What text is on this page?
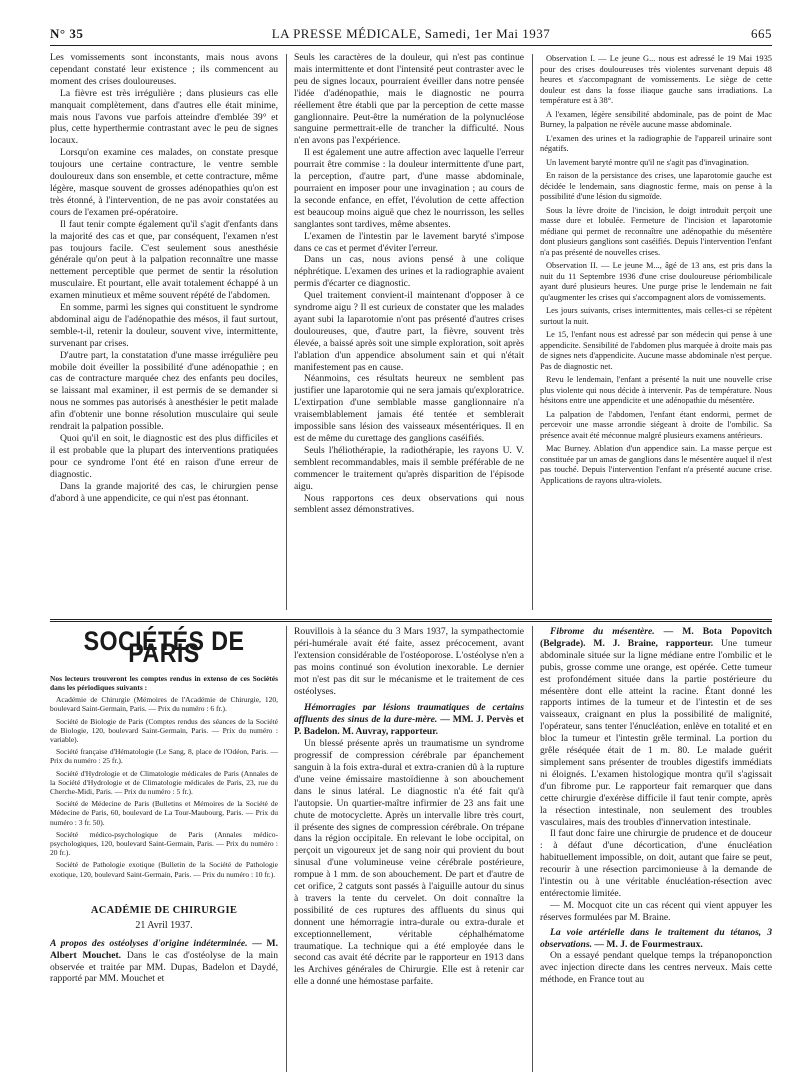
N° 35	LA PRESSE MÉDICALE, Samedi, 1er Mai 1937	665

Les vomissements sont inconstants, mais nous avons cependant constaté leur existence ; ils commencent au moment des crises douloureuses.

La fièvre est très irrégulière ; dans plusieurs cas elle manquait complètement, dans d'autres elle était minime, mais nous l'avons vue parfois atteindre d'emblée 39° et plus, cette hyperthermie contrastant avec le peu de signes locaux.

Lorsqu'on examine ces malades, on constate presque toujours une certaine contracture, le ventre semble douloureux dans son ensemble, et cette contracture, même légère, masque souvent de grosses adénopathies qu'on est très étonné, à l'intervention, de ne pas avoir constatées au cours de l'examen pré-opératoire.

Il faut tenir compte également qu'il s'agit d'enfants dans la majorité des cas et que, par conséquent, l'examen n'est pas toujours facile. C'est seulement sous anesthésie générale qu'on peut à la palpation reconnaître une masse nettement perceptible que permet de sentir la résolution musculaire. Et pourtant, elle avait totalement échappé à un examen minutieux et même souvent répété de l'abdomen.

En somme, parmi les signes qui constituent le syndrome abdominal aigu de l'adénopathie des mésos, il faut surtout, semble-t-il, retenir la douleur, souvent vive, intermittente, survenant par crises.

D'autre part, la constatation d'une masse irrégulière peu mobile doit éveiller la possibilité d'une adénopathie ; en cas de contracture marquée chez des enfants peu dociles, se laissant mal examiner, il est permis de se demander si nous ne sommes pas autorisés à anesthésier le petit malade afin d'obtenir une bonne résolution musculaire qui seule rendrait la palpation possible.

Quoi qu'il en soit, le diagnostic est des plus difficiles et il est probable que la plupart des interventions pratiquées pour ce syndrome l'ont été en raison d'une erreur de diagnostic.

Dans la grande majorité des cas, le chirurgien pense d'abord à une appendicite, ce qui n'est pas étonnant.

Seuls les caractères de la douleur, qui n'est pas continue mais intermittente et dont l'intensité peut contraster avec le peu de signes locaux, pourraient éveiller dans notre pensée l'idée d'adénopathie, mais le diagnostic ne pourra réellement être établi que par la perception de cette masse ganglionnaire. Peut-être la numération de la polynucléose sanguine permettrait-elle de trancher la difficulté. Nous n'en avons pas l'expérience.

Il est également une autre affection avec laquelle l'erreur pourrait être commise : la douleur intermittente d'une part, la perception, d'autre part, d'une masse abdominale, pourraient en imposer pour une invagination ; au cours de la seconde enfance, en effet, l'évolution de cette affection est beaucoup moins aiguë que chez le nourrisson, les selles sanglantes sont tardives, même absentes.

L'examen de l'intestin par le lavement baryté s'impose dans ce cas et permet d'éviter l'erreur.

Dans un cas, nous avions pensé à une colique néphrétique. L'examen des urines et la radiographie avaient permis d'écarter ce diagnostic.

Quel traitement convient-il maintenant d'opposer à ce syndrome aigu ? Il est curieux de constater que les malades ayant subi la laparotomie n'ont pas présenté d'autres crises douloureuses, que, d'autre part, la fièvre, souvent très élevée, a baissé après soit une simple exploration, soit après l'ablation d'un appendice absolument sain et qui n'était manifestement pas en cause.

Néanmoins, ces résultats heureux ne semblent pas justifier une laparotomie qui ne sera jamais qu'exploratrice. L'extirpation d'une semblable masse ganglionnaire n'a vraisemblablement jamais été tentée et semblerait impossible sans lésion des vaisseaux mésentériques. Il en est de même du curettage des ganglions caséifiés.

Seuls l'héliothérapie, la radiothérapie, les rayons U. V. semblent recommandables, mais il semble préférable de ne commencer le traitement qu'après disparition de l'épisode aigu.

Nous rapportons ces deux observations qui nous semblent assez démonstratives.

Observation I. — Le jeune G... nous est adressé le 19 Mai 1935 pour des crises douloureuses très violentes survenant depuis 48 heures et s'accompagnant de vomissements. Le siège de cette douleur est dans la fosse iliaque gauche sans irradiations. La température est à 38°.

A l'examen, légère sensibilité abdominale, pas de point de Mac Burney, la palpation ne révèle aucune masse abdominale.

L'examen des urines et la radiographie de l'appareil urinaire sont négatifs.

Un lavement baryté montre qu'il ne s'agit pas d'invagination.

En raison de la persistance des crises, une laparotomie gauche est décidée le lendemain, sans diagnostic ferme, mais on pense à la possibilité d'une lésion du sigmoïde.

Sous la lèvre droite de l'incision, le doigt introduit perçoit une masse dure et lobulée. Fermeture de l'incision et laparotomie médiane qui permet de reconnaître une adénopathie du mésentère dont plusieurs ganglions sont caséifiés. Depuis l'intervention l'enfant n'a pas présenté de nouvelles crises.

Observation II. — Le jeune M..., âgé de 13 ans, est pris dans la nuit du 11 Septembre 1936 d'une crise douloureuse périombilicale ayant duré plusieurs heures. Une purge prise le lendemain ne fait qu'augmenter les crises qui s'accompagnent alors de vomissements.

Les jours suivants, crises intermittentes, mais celles-ci se répètent surtout la nuit.

Le 15, l'enfant nous est adressé par son médecin qui pense à une appendicite. Sensibilité de l'abdomen plus marquée à droite mais pas de signes nets d'appendicite. Aucune masse abdominale n'est perçue. Pas de diagnostic net.

Revu le lendemain, l'enfant a présenté la nuit une nouvelle crise plus violente qui nous décide à intervenir. Pas de température. Nous hésitons entre une appendicite et une adénopathie du mésentère.

La palpation de l'abdomen, l'enfant étant endormi, permet de percevoir une masse arrondie siégeant à droite de l'ombilic. Sa présence avait été méconnue malgré plusieurs examens antérieurs.

Mac Burney. Ablation d'un appendice sain. La masse perçue est constituée par un amas de ganglions dans le mésentère auquel il n'est pas touché. Depuis l'intervention l'enfant n'a présenté aucune crise. Applications de rayons ultra-violets.

SOCIÉTÉS DE PARIS

Nos lecteurs trouveront les comptes rendus in extenso de ces Sociétés dans les périodiques suivants :

Académie de Chirurgie (Mémoires de l'Académie de Chirurgie, 120, boulevard Saint-Germain, Paris. — Prix du numéro : 6 fr.).

Société de Biologie de Paris (Comptes rendus des séances de la Société de Biologie, 120, boulevard Saint-Germain, Paris. — Prix du numéro : variable).

Société française d'Hématologie (Le Sang, 8, place de l'Odéon, Paris. — Prix du numéro : 25 fr.).

Société d'Hydrologie et de Climatologie médicales de Paris (Annales de la Société d'Hydrologie et de Climatologie médicales de Paris, 23, rue du Cherche-Midi, Paris. — Prix du numéro : 5 fr.).

Société de Médecine de Paris (Bulletins et Mémoires de la Société de Médecine de Paris, 60, boulevard de La Tour-Maubourg, Paris. — Prix du numéro : 3 fr. 50).

Société médico-psychologique de Paris (Annales médico-psychologiques, 120, boulevard Saint-Germain, Paris. — Prix du numéro : 20 fr.).

Société de Pathologie exotique (Bulletin de la Société de Pathologie exotique, 120, boulevard Saint-Germain, Paris. — Prix du numéro : 10 fr.).

ACADÉMIE DE CHIRURGIE
21 Avril 1937.

A propos des ostéolyses d'origine indéterminée. — M. Albert Mouchet. Dans le cas d'ostéolyse de la main observée et traitée par MM. Dupas, Badelon et Daydé, rapporté par MM. Mouchet et

Rouvillois à la séance du 3 Mars 1937, la sympathectomie péri-humérale avait été faite, assez précocement, avant l'extension considérable de l'ostéoporose. L'ostéolyse n'en a pas moins continué son évolution inexorable. Le dernier mot n'est pas dit sur le mécanisme et le traitement de ces ostéolyses.

Hémorragies par lésions traumatiques de certains affluents des sinus de la dure-mère. — MM. J. Pervès et P. Badelon. M. Auvray, rapporteur.

Un blessé présente après un traumatisme un syndrome progressif de compression cérébrale par épanchement sanguin à la fois extra-dural et extra-cranien dû à la rupture d'une veine émissaire mastoïdienne à son abouchement dans le sinus latéral. Le diagnostic n'a été fait qu'à l'autopsie. Un quartier-maître infirmier de 23 ans fait une chute de motocyclette. Après un intervalle libre très court, il présente des signes de compression cérébrale. On trépane dans la région occipitale. En relevant le lobe occipital, on perçoit un vigoureux jet de sang noir qui provient du bout sinusal d'une volumineuse veine cérébrale postérieure, rompue à 1 mm. de son abouchement. De part et d'autre de cet orifice, 2 catguts sont passés à l'aiguille autour du sinus à travers la tente du cervelet. On doit connaître la possibilité de ces ruptures des affluents du sinus qui donnent une hémorragie intra-durale ou extra-durale et exceptionnellement, véritable céphalhématome traumatique. La technique qui a été employée dans le second cas avait été décrite par le rapporteur en 1913 dans les Archives générales de Chirurgie. Elle est à retenir car elle a donné une hémostase parfaite.

Fibrome du mésentère. — M. Bota Popovitch (Belgrade). M. J. Braine, rapporteur. Une tumeur abdominale située sur la ligne médiane entre l'ombilic et le pubis, grosse comme une orange, est opérée. Cette tumeur est profondément située dans la partie postérieure du mésentère dont elle atteint la racine. Étant donné les rapports intimes de la tumeur et de l'intestin et de ses vaisseaux, craignant en plus la possibilité de malignité, l'opérateur, sans tenter l'énucléation, enlève en totalité et en bloc la tumeur et l'intestin grêle terminal. La portion du grêle réséquée était de 1 m. 80. Le malade guérit simplement sans présenter de troubles digestifs immédiats ni éloignés. L'examen histologique montra qu'il s'agissait d'un fibrome pur. Le rapporteur fait remarquer que dans cette chirurgie d'exérèse difficile il faut tenir compte, après la résection intestinale, non seulement des troubles vasculaires, mais des troubles d'innervation intestinale.

Il faut donc faire une chirurgie de prudence et de douceur : à défaut d'une décortication, d'une énucléation habituellement impossible, on doit, autant que faire se peut, recourir à une résection parcimonieuse à la demande de l'intestin ou à une véritable énucléation-résection avec entérectomie limitée.

— M. Mocquot cite un cas récent qui vient appuyer les réserves formulées par M. Braine.

La voie artérielle dans le traitement du tétanos, 3 observations. — M. J. de Fourmestraux.

On a essayé pendant quelque temps la trépanoponction avec injection directe dans les centres nerveux. Mais cette méthode, en France tout au
